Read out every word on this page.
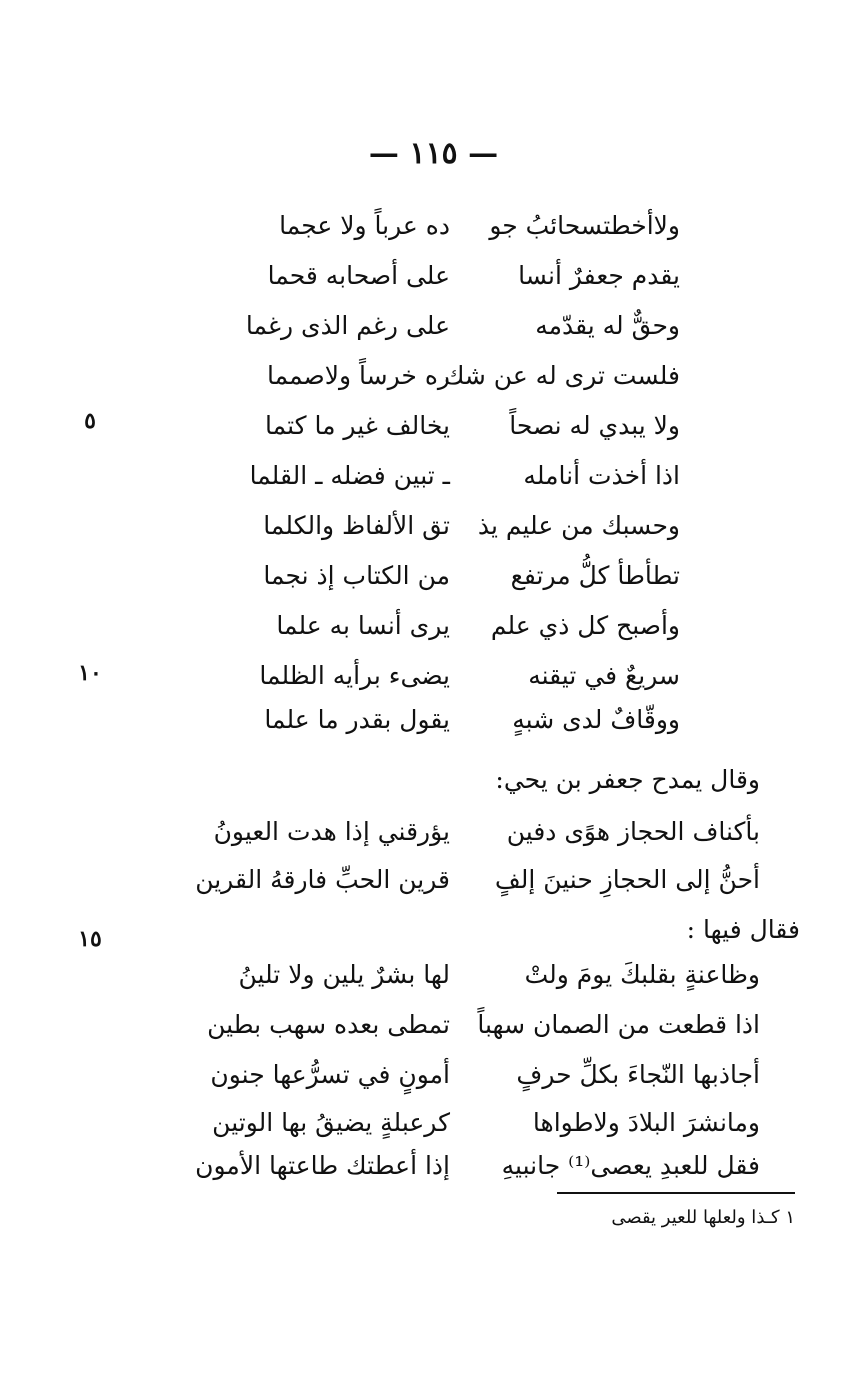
— ١١٥ —
ولاأخطتسحائبُ جو
ده عرباً ولا عجما
يقدم جعفرٌ أنسا
على أصحابه قحما
وحقٌّ له يقدّمه
على رغم الذى رغما
فلست ترى له عن شك
ره خرساً ولاصمما
ولا يبدي له نصحاً
يخالف غير ما كتما
اذا أخذت أنامله
ـ تبين فضله ـ القلما
وحسبك من عليم يذ
تق الألفاظ والكلما
تطأطأ كلُّ مرتفع
من الكتاب إذ نجما
وأصبح كل ذي علم
يرى أنسا به علما
سريعٌ في تيقنه
يضىء برأيه الظلما
ووقّافٌ لدى شبهٍ
يقول بقدر ما علما
وقال يمدح جعفر بن يحي:
بأكناف الحجاز هوًى دفين
يؤرقني إذا هدت العيونُ
أحنُّ إلى الحجازِ حنينَ إلفٍ
قرين الحبِّ فارقهُ القرين
فقال فيها :
وظاعنةٍ بقلبكَ يومَ ولتْ
لها بشرٌ يلين ولا تلينُ
اذا قطعت من الصمان سهباً
تمطى بعده سهب بطين
أجاذبها النّجاءَ بكلِّ حرفٍ
أمونٍ في تسرُّعها جنون
ومانشرَ البلادَ ولاطواها
كرعبلةٍ يضيقُ بها الوتين
فقل للعبدِ يعصى⁽¹⁾ جانبيهِ
إذا أعطتك طاعتها الأمون
٥
١٠
١٥
١ كـذا ولعلها للعير يقصى
